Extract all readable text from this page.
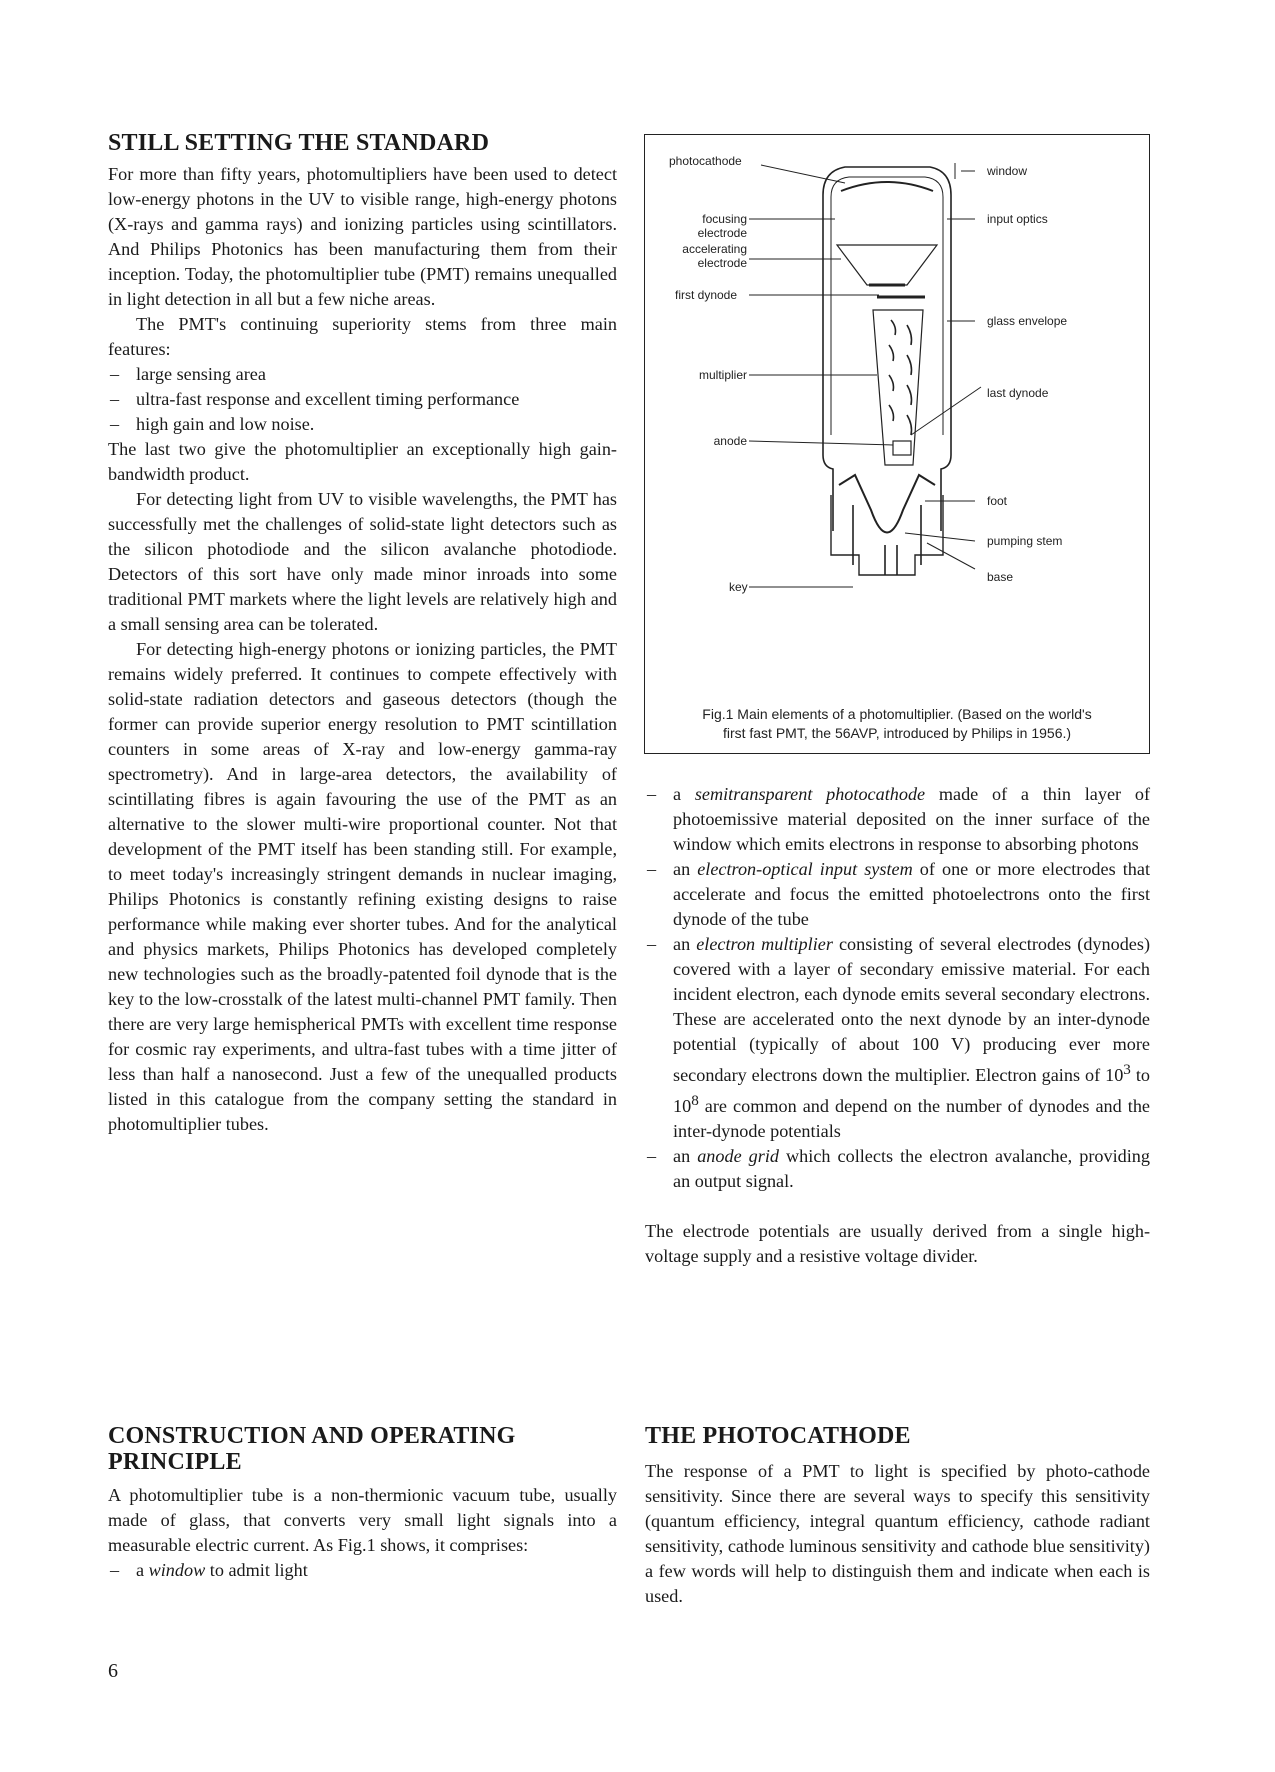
STILL SETTING THE STANDARD

For more than fifty years, photomultipliers have been used to detect low-energy photons in the UV to visible range, high-energy photons (X-rays and gamma rays) and ionizing particles using scintillators. And Philips Photonics has been manufacturing them from their inception. Today, the photomultiplier tube (PMT) remains unequalled in light detection in all but a few niche areas.

The PMT's continuing superiority stems from three main features:

– large sensing area
– ultra-fast response and excellent timing performance
– high gain and low noise.

The last two give the photomultiplier an exceptionally high gain-bandwidth product.

For detecting light from UV to visible wavelengths, the PMT has successfully met the challenges of solid-state light detectors such as the silicon photodiode and the silicon avalanche photodiode. Detectors of this sort have only made minor inroads into some traditional PMT markets where the light levels are relatively high and a small sensing area can be tolerated.

For detecting high-energy photons or ionizing particles, the PMT remains widely preferred. It continues to compete effectively with solid-state radiation detectors and gaseous detectors (though the former can provide superior energy resolution to PMT scintillation counters in some areas of X-ray and low-energy gamma-ray spectrometry). And in large-area detectors, the availability of scintillating fibres is again favouring the use of the PMT as an alternative to the slower multi-wire proportional counter. Not that development of the PMT itself has been standing still. For example, to meet today's increasingly stringent demands in nuclear imaging, Philips Photonics is constantly refining existing designs to raise performance while making ever shorter tubes. And for the analytical and physics markets, Philips Photonics has developed completely new technologies such as the broadly-patented foil dynode that is the key to the low-crosstalk of the latest multi-channel PMT family. Then there are very large hemispherical PMTs with excellent time response for cosmic ray experiments, and ultra-fast tubes with a time jitter of less than half a nanosecond. Just a few of the unequalled products listed in this catalogue from the company setting the standard in photomultiplier tubes.

photocathode
focusing
electrode
accelerating
electrode
first dynode
multiplier
anode
key
window
input optics
glass envelope
last dynode
foot
pumping stem
base
Fig.1 Main elements of a photomultiplier. (Based on the world's
first fast PMT, the 56AVP, introduced by Philips in 1956.)
– a semitransparent photocathode made of a thin layer of photoemissive material deposited on the inner surface of the window which emits electrons in response to absorbing photons
– an electron-optical input system of one or more electrodes that accelerate and focus the emitted photoelectrons onto the first dynode of the tube
– an electron multiplier consisting of several electrodes (dynodes) covered with a layer of secondary emissive material. For each incident electron, each dynode emits several secondary electrons. These are accelerated onto the next dynode by an inter-dynode potential (typically of about 100 V) producing ever more secondary electrons down the multiplier. Electron gains of $10^3$ to $10^8$ are common and depend on the number of dynodes and the inter-dynode potentials
– an anode grid which collects the electron avalanche, providing an output signal.

The electrode potentials are usually derived from a single high-voltage supply and a resistive voltage divider.

CONSTRUCTION AND OPERATING
PRINCIPLE

A photomultiplier tube is a non-thermionic vacuum tube, usually made of glass, that converts very small light signals into a measurable electric current. As Fig.1 shows, it comprises:

– a window to admit light
THE PHOTOCATHODE

The response of a PMT to light is specified by photo-cathode sensitivity. Since there are several ways to specify this sensitivity (quantum efficiency, integral quantum efficiency, cathode radiant sensitivity, cathode luminous sensitivity and cathode blue sensitivity) a few words will help to distinguish them and indicate when each is used.

6
